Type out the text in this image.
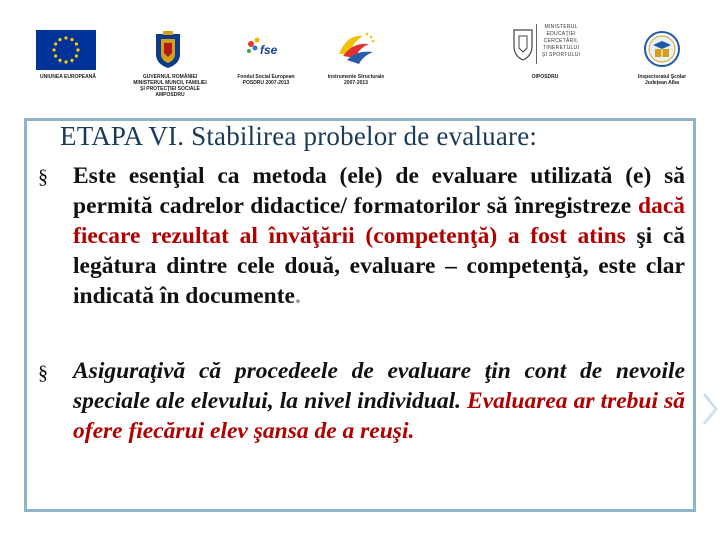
UNIUNEA EUROPEANĂ	GUVERNUL ROMÂNIEI
MINISTERUL MUNCII, FAMILIEI
ŞI PROTECŢIEI SOCIALE
AMPOSDRU
fse
Fondul Social European
POSDRU 2007-2013
Instrumente Structurale
2007-2013
MINISTERUL
EDUCAŢIEI
CERCETĂRII,
TINERETULUI
ŞI SPORTULUI
OIPOSDRU	Inspectoratul Şcolar
Judeţean Alba
ETAPA VI. Stabilirea probelor de evaluare:
§ Este esenţial ca metoda (ele) de evaluare utilizată (e) să permită cadrelor didactice/ formatorilor să înregistreze dacă fiecare rezultat al învăţării (competenţă) a fost atins şi că legătura dintre cele două, evaluare – competenţă, este clar indicată în documente.
§ Asiguraţivă că procedeele de evaluare ţin cont de nevoile speciale ale elevului, la nivel individual. Evaluarea ar trebui să ofere fiecărui elev şansa de a reuşi.
